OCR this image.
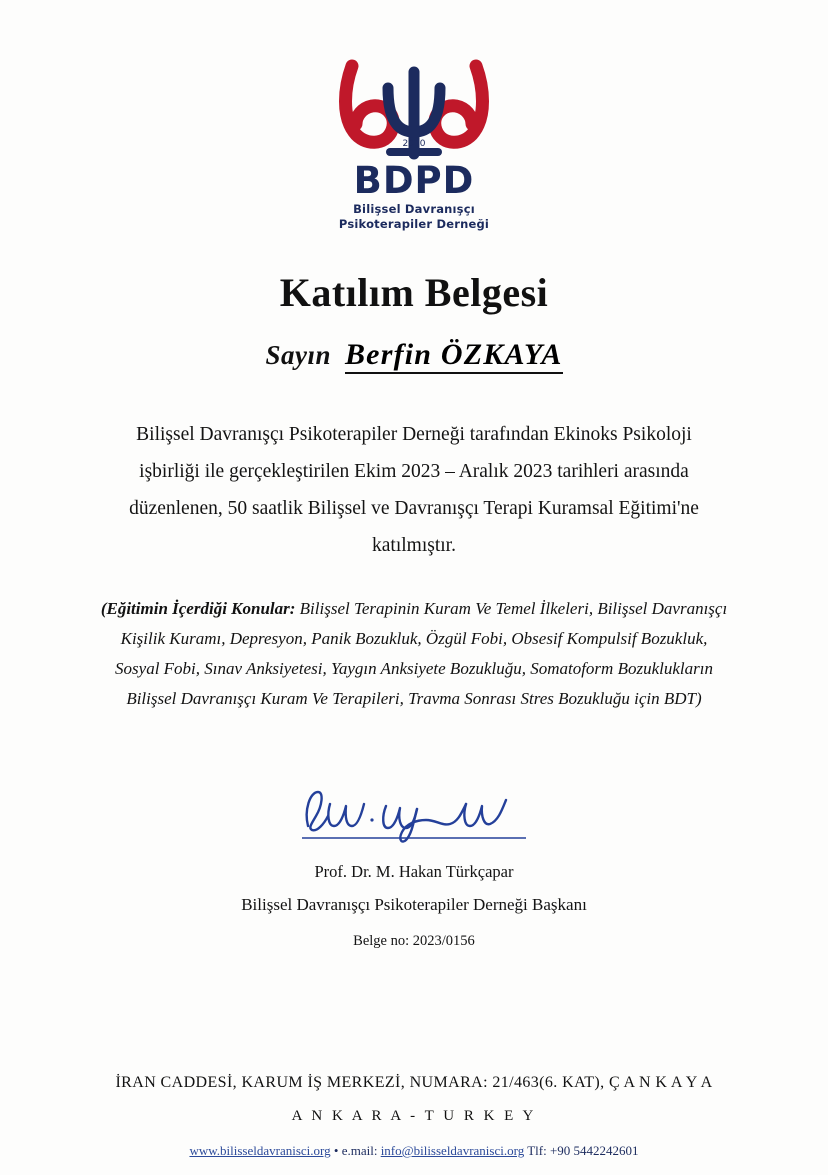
2010
BDPD
Bilişsel Davranışçı
Psikoterapiler Derneği
Katılım Belgesi
Sayın Berfin ÖZKAYA
Bilişsel Davranışçı Psikoterapiler Derneği tarafından Ekinoks Psikoloji işbirliği ile gerçekleştirilen Ekim 2023 – Aralık 2023 tarihleri arasında düzenlenen, 50 saatlik Bilişsel ve Davranışçı Terapi Kuramsal Eğitimi'ne katılmıştır.
(Eğitimin İçerdiği Konular: Bilişsel Terapinin Kuram Ve Temel İlkeleri, Bilişsel Davranışçı Kişilik Kuramı, Depresyon, Panik Bozukluk, Özgül Fobi, Obsesif Kompulsif Bozukluk, Sosyal Fobi, Sınav Anksiyetesi, Yaygın Anksiyete Bozukluğu, Somatoform Bozuklukların Bilişsel Davranışçı Kuram Ve Terapileri, Travma Sonrası Stres Bozukluğu için BDT)
Prof. Dr. M. Hakan Türkçapar
Bilişsel Davranışçı Psikoterapiler Derneği Başkanı
Belge no: 2023/0156
İRAN CADDESİ, KARUM İŞ MERKEZİ, NUMARA: 21/463(6. KAT), Ç A N K A Y A
A N K A R A - T U R K E Y
www.bilisseldavranisci.org • e.mail: info@bilisseldavranisci.org Tlf: +90 5442242601
